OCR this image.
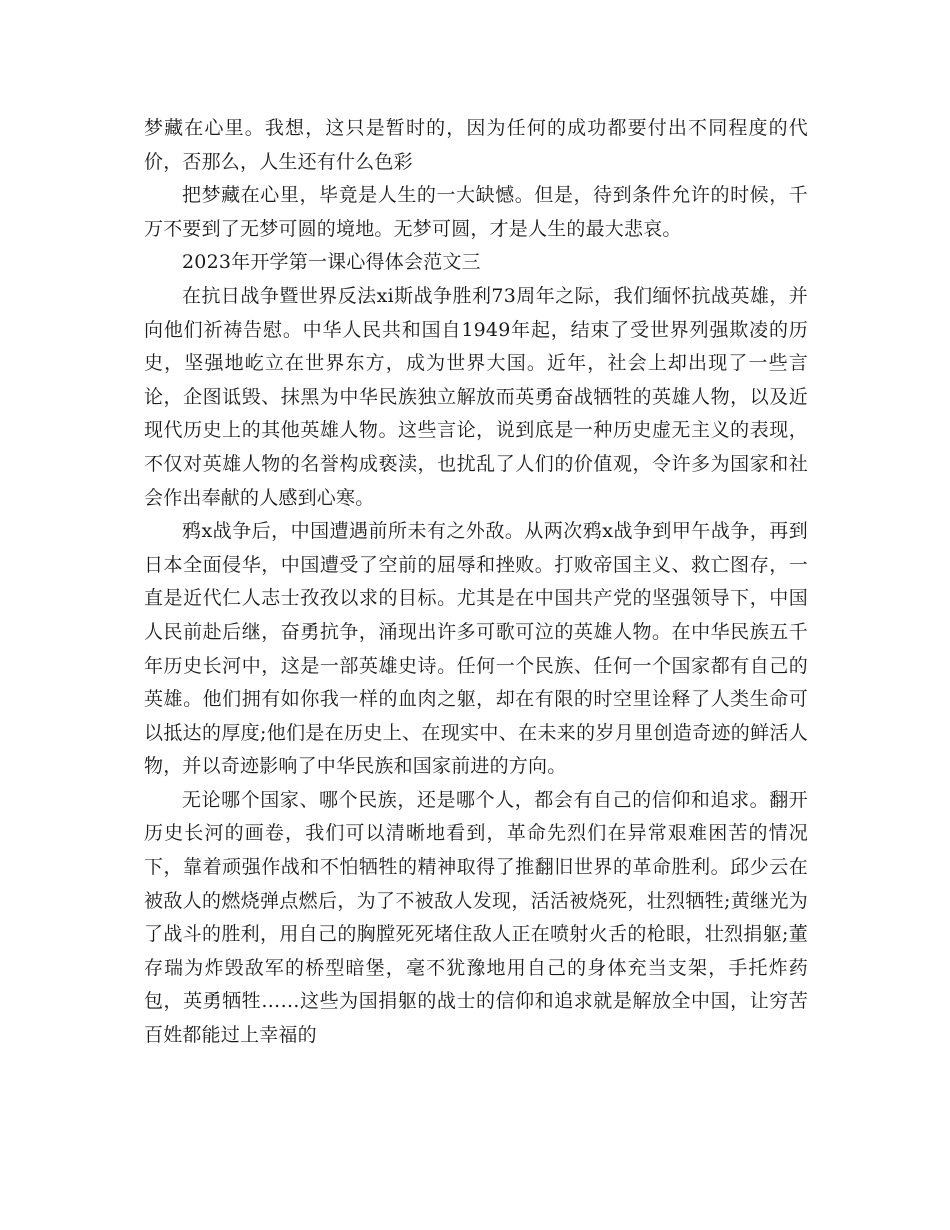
梦藏在心里。我想，这只是暂时的，因为任何的成功都要付出不同程度的代价，否那么，人生还有什么色彩

把梦藏在心里，毕竟是人生的一大缺憾。但是，待到条件允许的时候，千万不要到了无梦可圆的境地。无梦可圆，才是人生的最大悲哀。

2023年开学第一课心得体会范文三

在抗日战争暨世界反法xi斯战争胜利73周年之际，我们缅怀抗战英雄，并向他们祈祷告慰。中华人民共和国自1949年起，结束了受世界列强欺凌的历史，坚强地屹立在世界东方，成为世界大国。近年，社会上却出现了一些言论，企图诋毁、抹黑为中华民族独立解放而英勇奋战牺牲的英雄人物，以及近现代历史上的其他英雄人物。这些言论，说到底是一种历史虚无主义的表现，不仅对英雄人物的名誉构成亵渎，也扰乱了人们的价值观，令许多为国家和社会作出奉献的人感到心寒。

鸦x战争后，中国遭遇前所未有之外敌。从两次鸦x战争到甲午战争，再到日本全面侵华，中国遭受了空前的屈辱和挫败。打败帝国主义、救亡图存，一直是近代仁人志士孜孜以求的目标。尤其是在中国共产党的坚强领导下，中国人民前赴后继，奋勇抗争，涌现出许多可歌可泣的英雄人物。在中华民族五千年历史长河中，这是一部英雄史诗。任何一个民族、任何一个国家都有自己的英雄。他们拥有如你我一样的血肉之躯，却在有限的时空里诠释了人类生命可以抵达的厚度;他们是在历史上、在现实中、在未来的岁月里创造奇迹的鲜活人物，并以奇迹影响了中华民族和国家前进的方向。

无论哪个国家、哪个民族，还是哪个人，都会有自己的信仰和追求。翻开历史长河的画卷，我们可以清晰地看到，革命先烈们在异常艰难困苦的情况下，靠着顽强作战和不怕牺牲的精神取得了推翻旧世界的革命胜利。邱少云在被敌人的燃烧弹点燃后，为了不被敌人发现，活活被烧死，壮烈牺牲;黄继光为了战斗的胜利，用自己的胸膛死死堵住敌人正在喷射火舌的枪眼，壮烈捐躯;董存瑞为炸毁敌军的桥型暗堡，毫不犹豫地用自己的身体充当支架，手托炸药包，英勇牺牲……这些为国捐躯的战士的信仰和追求就是解放全中国，让穷苦百姓都能过上幸福的
